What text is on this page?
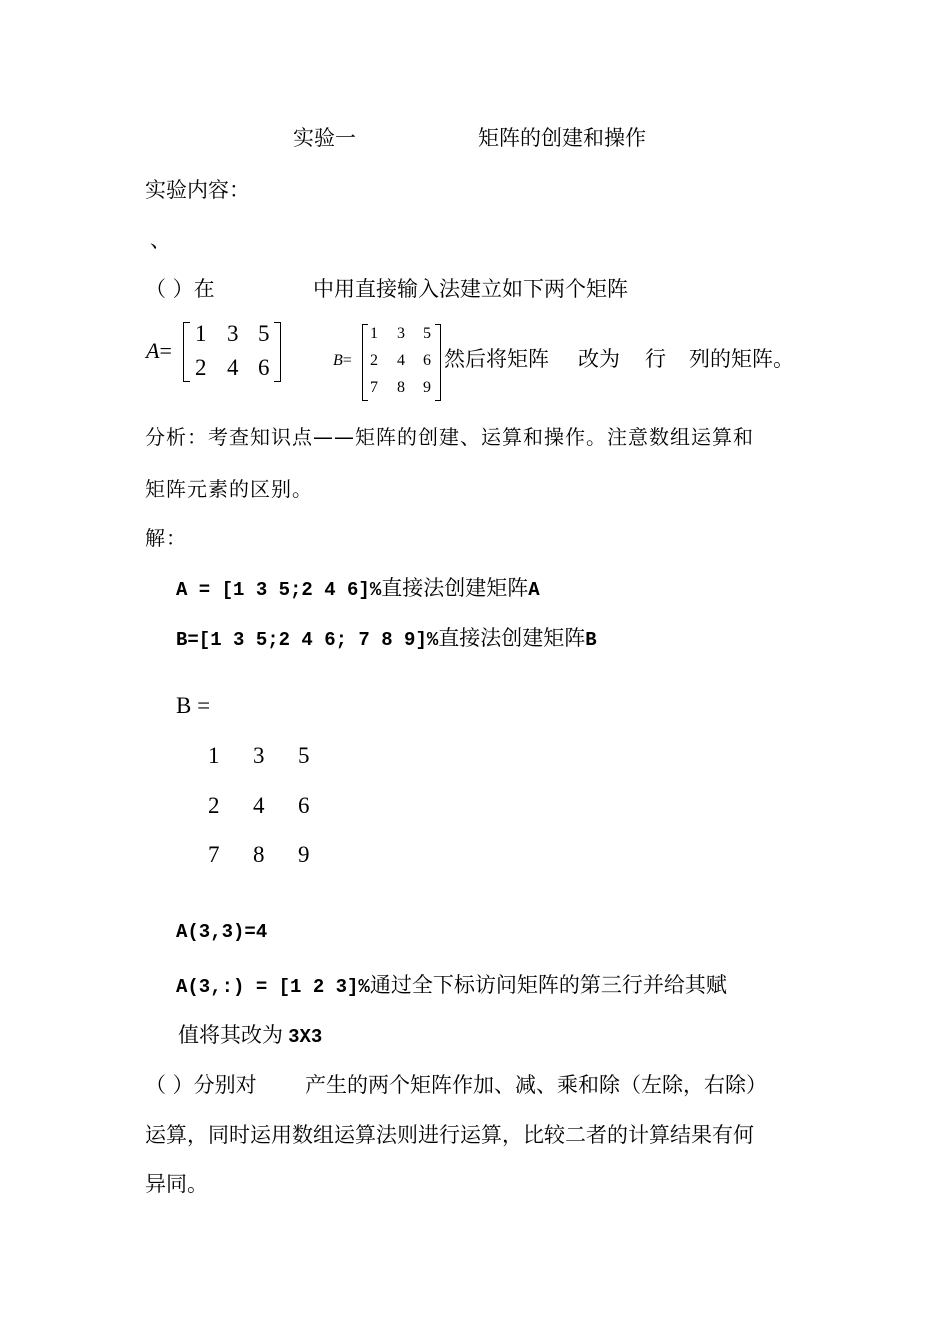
实验一	矩阵的创建和操作
实验内容：
、
（ ）在	中用直接输入法建立如下两个矩阵
A=
1 3 5
2 4 6	B=
1 3 5
2 4 6
7 8 9
然后将矩阵 改为 行 列的矩阵。
分析：考查知识点——矩阵的创建、运算和操作。注意数组运算和
矩阵元素的区别。
解：
A = [1 3 5;2 4 6]%直接法创建矩阵A
B=[1 3 5;2 4 6; 7 8 9]%直接法创建矩阵B
B =
1 3 5
2 4 6
7 8 9
A(3,3)=4
A(3,:) = [1 2 3]%通过全下标访问矩阵的第三行并给其赋
值将其改为 3X3
（ ）分别对 产生的两个矩阵作加、减、乘和除（左除，右除）
运算，同时运用数组运算法则进行运算，比较二者的计算结果有何
异同。
